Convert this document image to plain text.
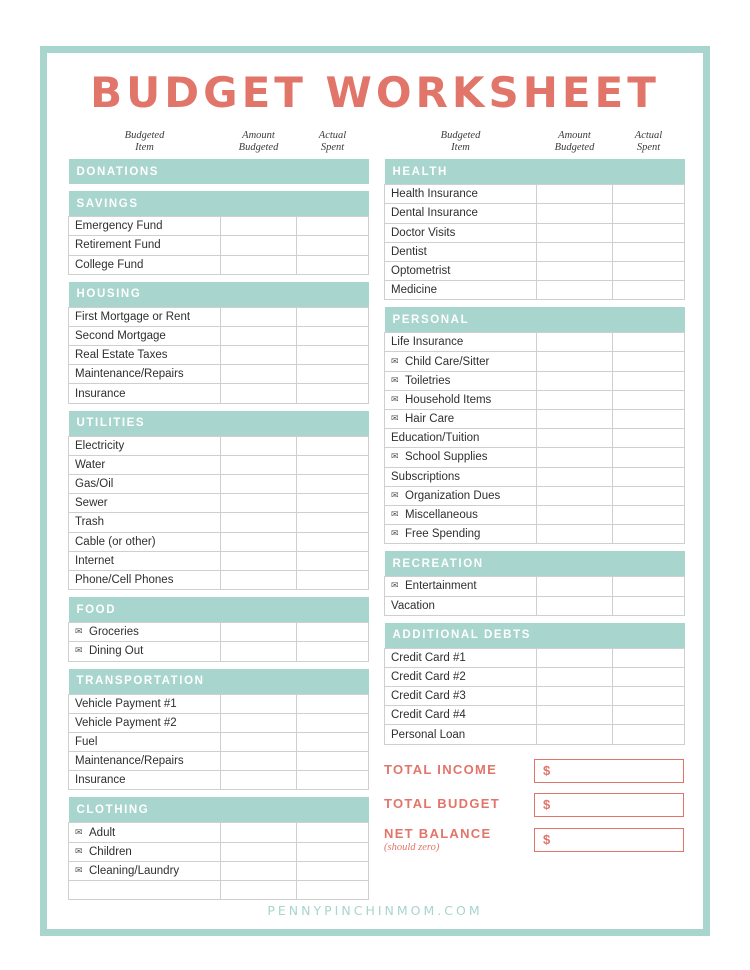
BUDGET WORKSHEET
Budgeted
Item

Amount
Budgeted

Actual
Spent

DONATIONS		

SAVINGS		
Emergency Fund		
Retirement Fund		
College Fund		

HOUSING		
First Mortgage or Rent		
Second Mortgage		
Real Estate Taxes		
Maintenance/Repairs		
Insurance		

UTILITIES		
Electricity		
Water		
Gas/Oil		
Sewer		
Trash		
Cable (or other)		
Internet		
Phone/Cell Phones		

FOOD		
✉ Groceries		
✉ Dining Out		

TRANSPORTATION		
Vehicle Payment #1		
Vehicle Payment #2		
Fuel		
Maintenance/Repairs		
Insurance		

CLOTHING		
✉ Adult		
✉ Children		
✉ Cleaning/Laundry		

Budgeted
Item

Amount
Budgeted

Actual
Spent

HEALTH		
Health Insurance		
Dental Insurance		
Doctor Visits		
Dentist		
Optometrist		
Medicine		

PERSONAL		
Life Insurance		
✉ Child Care/Sitter		
✉ Toiletries		
✉ Household Items		
✉ Hair Care		
Education/Tuition		
✉ School Supplies		
Subscriptions		
✉ Organization Dues		
✉ Miscellaneous		
✉ Free Spending		

RECREATION		
✉ Entertainment		
Vacation		

ADDITIONAL DEBTS		
Credit Card #1		
Credit Card #2		
Credit Card #3		
Credit Card #4		
Personal Loan		
TOTAL INCOME	$
TOTAL BUDGET	$
NET BALANCE
(should zero)	$
PENNYPINCHINMOM.COM
